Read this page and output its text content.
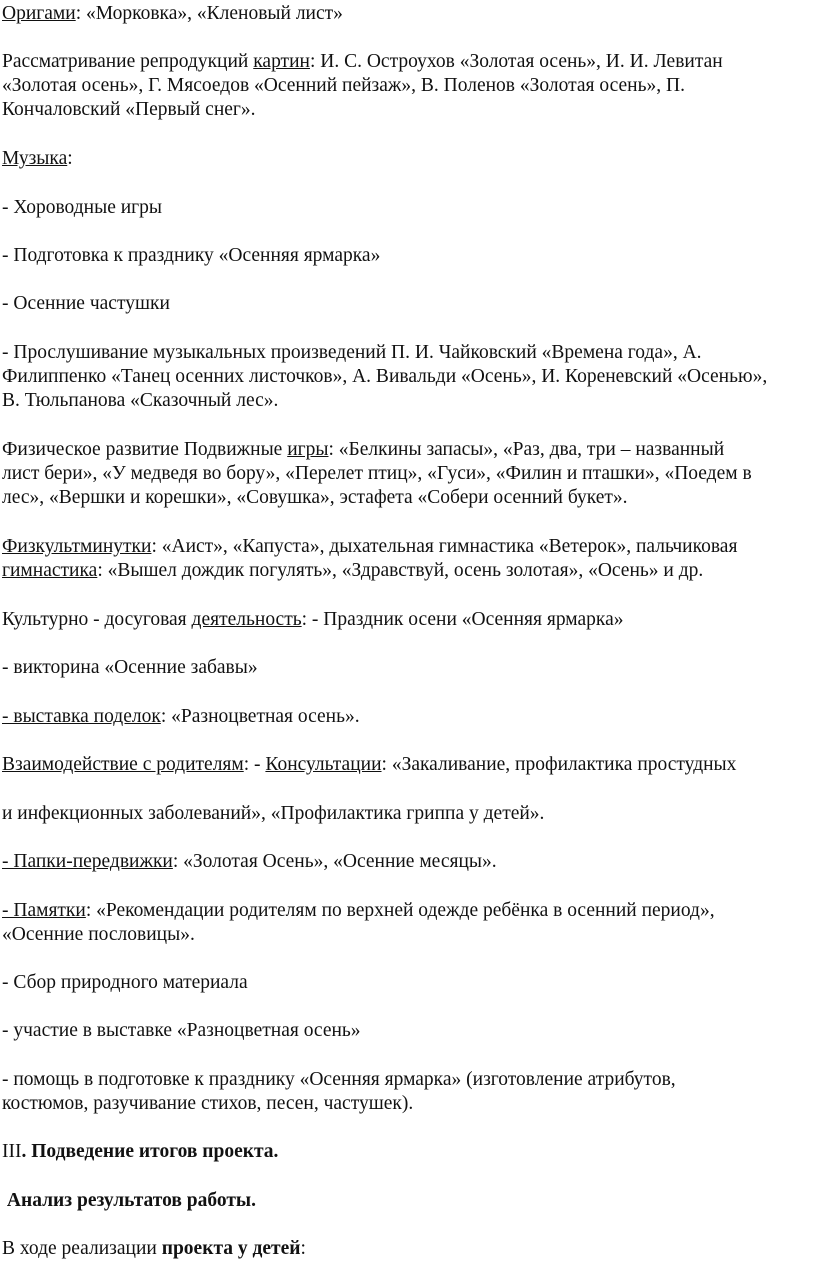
Оригами: «Морковка», «Кленовый лист»

Рассматривание репродукций картин: И. С. Остроухов «Золотая осень», И. И. Левитан
«Золотая осень», Г. Мясоедов «Осенний пейзаж», В. Поленов «Золотая осень», П.
Кончаловский «Первый снег».

Музыка:

- Хороводные игры

- Подготовка к празднику «Осенняя ярмарка»

- Осенние частушки

- Прослушивание музыкальных произведений П. И. Чайковский «Времена года», А.
Филиппенко «Танец осенних листочков», А. Вивальди «Осень», И. Кореневский «Осенью»,
В. Тюльпанова «Сказочный лес».
Физическое развитие Подвижные игры: «Белкины запасы», «Раз, два, три – названный
лист бери», «У медведя во бору», «Перелет птиц», «Гуси», «Филин и пташки», «Поедем в
лес», «Вершки и корешки», «Совушка», эстафета «Собери осенний букет».
Физкультминутки: «Аист», «Капуста», дыхательная гимнастика «Ветерок», пальчиковая
гимнастика: «Вышел дождик погулять», «Здравствуй, осень золотая», «Осень» и др.

Культурно - досуговая деятельность: - Праздник осени «Осенняя ярмарка»

- викторина «Осенние забавы»

- выставка поделок: «Разноцветная осень».

Взаимодействие с родителям: - Консультации: «Закаливание, профилактика простудных

и инфекционных заболеваний», «Профилактика гриппа у детей».

- Папки-передвижки: «Золотая Осень», «Осенние месяцы».

- Памятки: «Рекомендации родителям по верхней одежде ребёнка в осенний период»,
«Осенние пословицы».

- Сбор природного материала

- участие в выставке «Разноцветная осень»

- помощь в подготовке к празднику «Осенняя ярмарка» (изготовление атрибутов,
костюмов, разучивание стихов, песен, частушек).

III. Подведение итогов проекта.

Анализ результатов работы.

В ходе реализации проекта у детей:
